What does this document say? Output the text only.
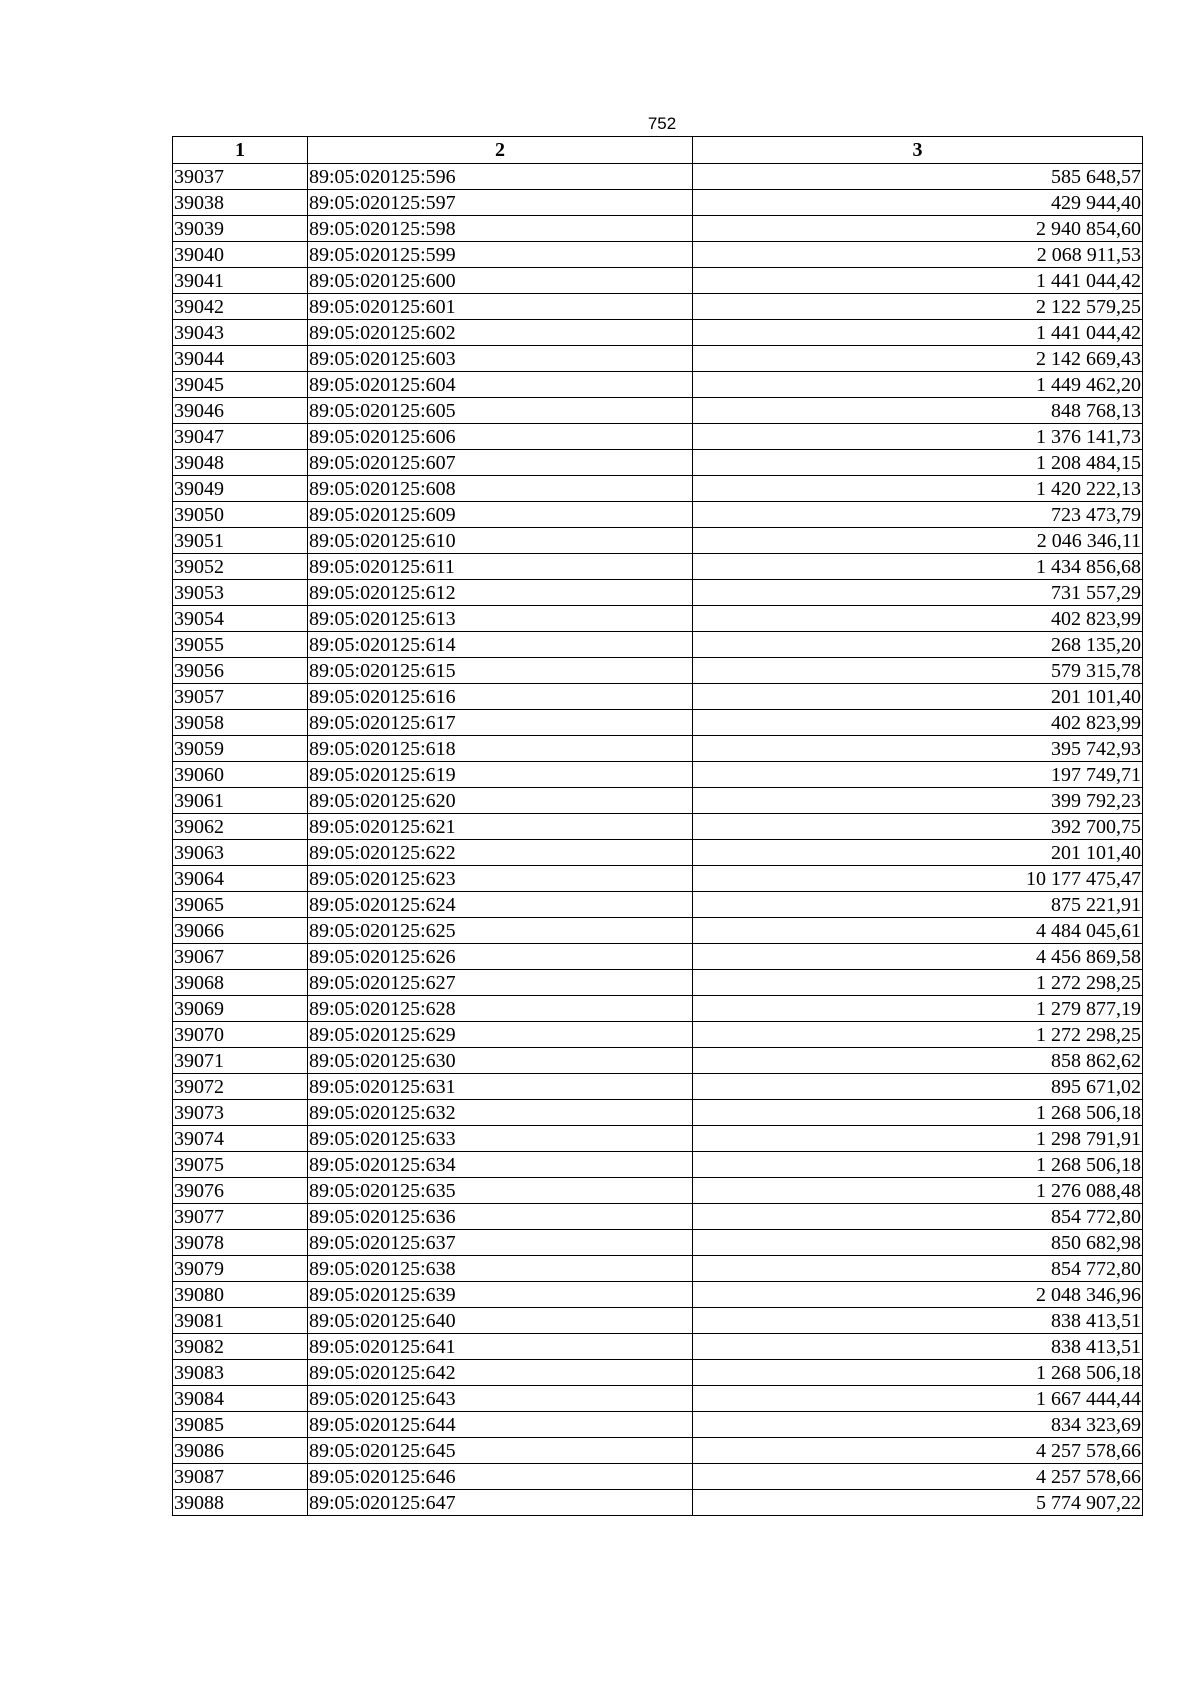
752
1	2	3
39037	89:05:020125:596	585 648,57
39038	89:05:020125:597	429 944,40
39039	89:05:020125:598	2 940 854,60
39040	89:05:020125:599	2 068 911,53
39041	89:05:020125:600	1 441 044,42
39042	89:05:020125:601	2 122 579,25
39043	89:05:020125:602	1 441 044,42
39044	89:05:020125:603	2 142 669,43
39045	89:05:020125:604	1 449 462,20
39046	89:05:020125:605	848 768,13
39047	89:05:020125:606	1 376 141,73
39048	89:05:020125:607	1 208 484,15
39049	89:05:020125:608	1 420 222,13
39050	89:05:020125:609	723 473,79
39051	89:05:020125:610	2 046 346,11
39052	89:05:020125:611	1 434 856,68
39053	89:05:020125:612	731 557,29
39054	89:05:020125:613	402 823,99
39055	89:05:020125:614	268 135,20
39056	89:05:020125:615	579 315,78
39057	89:05:020125:616	201 101,40
39058	89:05:020125:617	402 823,99
39059	89:05:020125:618	395 742,93
39060	89:05:020125:619	197 749,71
39061	89:05:020125:620	399 792,23
39062	89:05:020125:621	392 700,75
39063	89:05:020125:622	201 101,40
39064	89:05:020125:623	10 177 475,47
39065	89:05:020125:624	875 221,91
39066	89:05:020125:625	4 484 045,61
39067	89:05:020125:626	4 456 869,58
39068	89:05:020125:627	1 272 298,25
39069	89:05:020125:628	1 279 877,19
39070	89:05:020125:629	1 272 298,25
39071	89:05:020125:630	858 862,62
39072	89:05:020125:631	895 671,02
39073	89:05:020125:632	1 268 506,18
39074	89:05:020125:633	1 298 791,91
39075	89:05:020125:634	1 268 506,18
39076	89:05:020125:635	1 276 088,48
39077	89:05:020125:636	854 772,80
39078	89:05:020125:637	850 682,98
39079	89:05:020125:638	854 772,80
39080	89:05:020125:639	2 048 346,96
39081	89:05:020125:640	838 413,51
39082	89:05:020125:641	838 413,51
39083	89:05:020125:642	1 268 506,18
39084	89:05:020125:643	1 667 444,44
39085	89:05:020125:644	834 323,69
39086	89:05:020125:645	4 257 578,66
39087	89:05:020125:646	4 257 578,66
39088	89:05:020125:647	5 774 907,22
